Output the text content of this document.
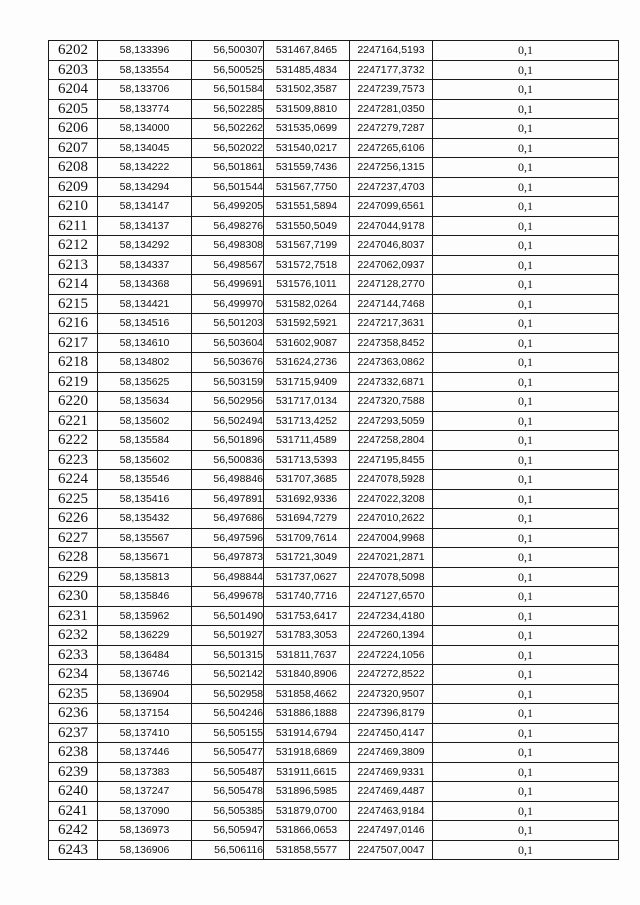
6202	58,133396	56,500307	531467,8465	2247164,5193	0,1
6203	58,133554	56,500525	531485,4834	2247177,3732	0,1
6204	58,133706	56,501584	531502,3587	2247239,7573	0,1
6205	58,133774	56,502285	531509,8810	2247281,0350	0,1
6206	58,134000	56,502262	531535,0699	2247279,7287	0,1
6207	58,134045	56,502022	531540,0217	2247265,6106	0,1
6208	58,134222	56,501861	531559,7436	2247256,1315	0,1
6209	58,134294	56,501544	531567,7750	2247237,4703	0,1
6210	58,134147	56,499205	531551,5894	2247099,6561	0,1
6211	58,134137	56,498276	531550,5049	2247044,9178	0,1
6212	58,134292	56,498308	531567,7199	2247046,8037	0,1
6213	58,134337	56,498567	531572,7518	2247062,0937	0,1
6214	58,134368	56,499691	531576,1011	2247128,2770	0,1
6215	58,134421	56,499970	531582,0264	2247144,7468	0,1
6216	58,134516	56,501203	531592,5921	2247217,3631	0,1
6217	58,134610	56,503604	531602,9087	2247358,8452	0,1
6218	58,134802	56,503676	531624,2736	2247363,0862	0,1
6219	58,135625	56,503159	531715,9409	2247332,6871	0,1
6220	58,135634	56,502956	531717,0134	2247320,7588	0,1
6221	58,135602	56,502494	531713,4252	2247293,5059	0,1
6222	58,135584	56,501896	531711,4589	2247258,2804	0,1
6223	58,135602	56,500836	531713,5393	2247195,8455	0,1
6224	58,135546	56,498846	531707,3685	2247078,5928	0,1
6225	58,135416	56,497891	531692,9336	2247022,3208	0,1
6226	58,135432	56,497686	531694,7279	2247010,2622	0,1
6227	58,135567	56,497596	531709,7614	2247004,9968	0,1
6228	58,135671	56,497873	531721,3049	2247021,2871	0,1
6229	58,135813	56,498844	531737,0627	2247078,5098	0,1
6230	58,135846	56,499678	531740,7716	2247127,6570	0,1
6231	58,135962	56,501490	531753,6417	2247234,4180	0,1
6232	58,136229	56,501927	531783,3053	2247260,1394	0,1
6233	58,136484	56,501315	531811,7637	2247224,1056	0,1
6234	58,136746	56,502142	531840,8906	2247272,8522	0,1
6235	58,136904	56,502958	531858,4662	2247320,9507	0,1
6236	58,137154	56,504246	531886,1888	2247396,8179	0,1
6237	58,137410	56,505155	531914,6794	2247450,4147	0,1
6238	58,137446	56,505477	531918,6869	2247469,3809	0,1
6239	58,137383	56,505487	531911,6615	2247469,9331	0,1
6240	58,137247	56,505478	531896,5985	2247469,4487	0,1
6241	58,137090	56,505385	531879,0700	2247463,9184	0,1
6242	58,136973	56,505947	531866,0653	2247497,0146	0,1
6243	58,136906	56,506116	531858,5577	2247507,0047	0,1
